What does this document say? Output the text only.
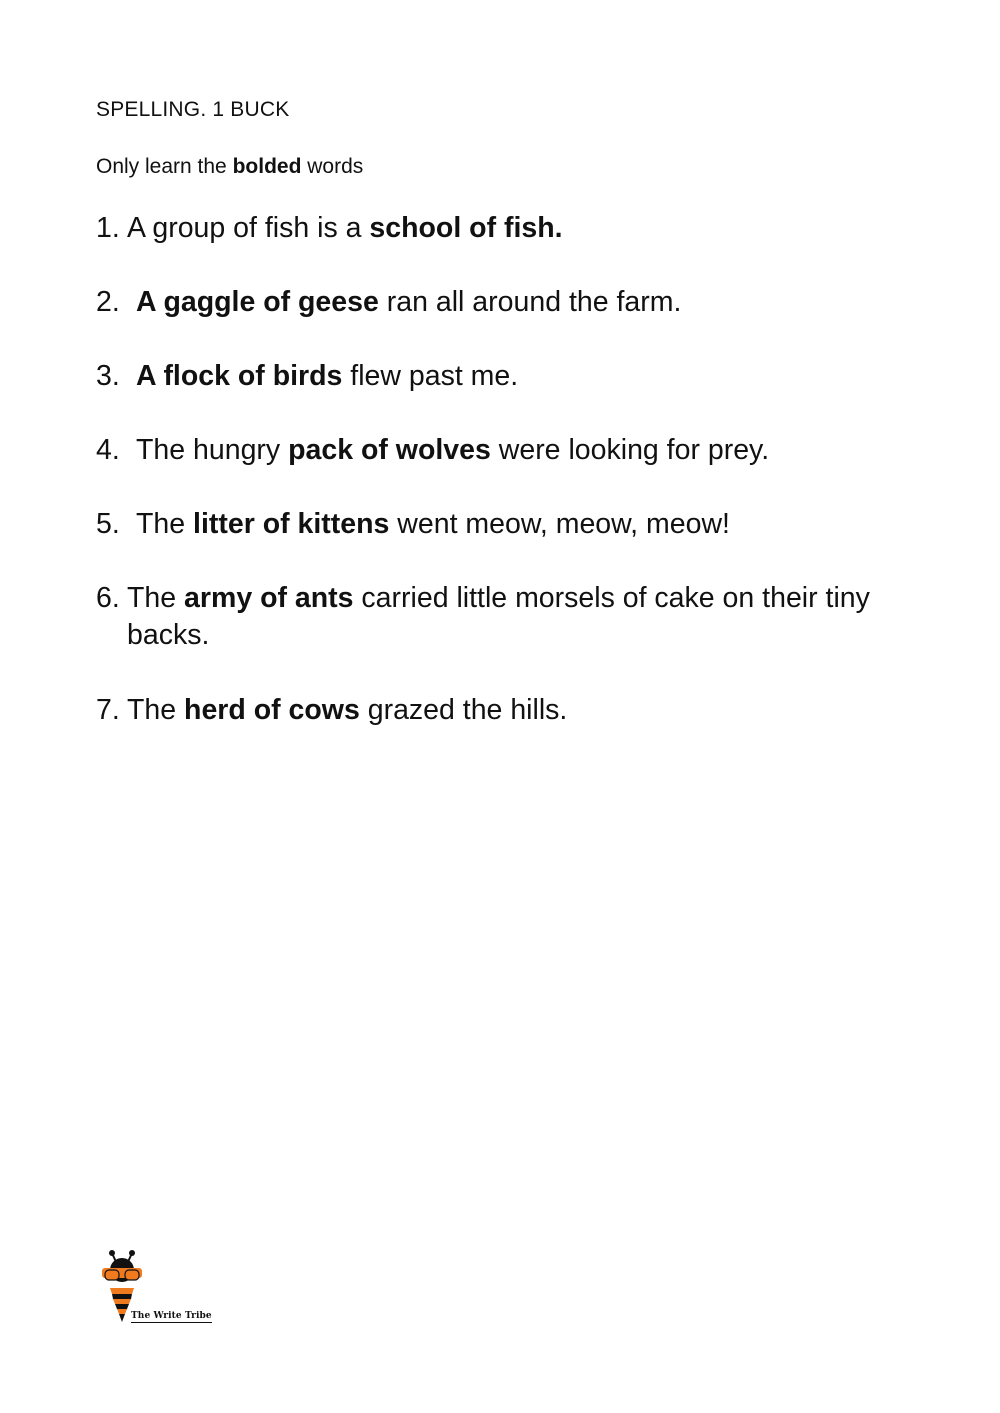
SPELLING. 1 BUCK

Only learn the bolded words

1. A group of fish is a school of fish.
2. A gaggle of geese ran all around the farm.
3. A flock of birds flew past me.
4. The hungry pack of wolves were looking for prey.
5. The litter of kittens went meow, meow, meow!
6. The army of ants carried little morsels of cake on their tiny backs.
7. The herd of cows grazed the hills.
The Write Tribe
